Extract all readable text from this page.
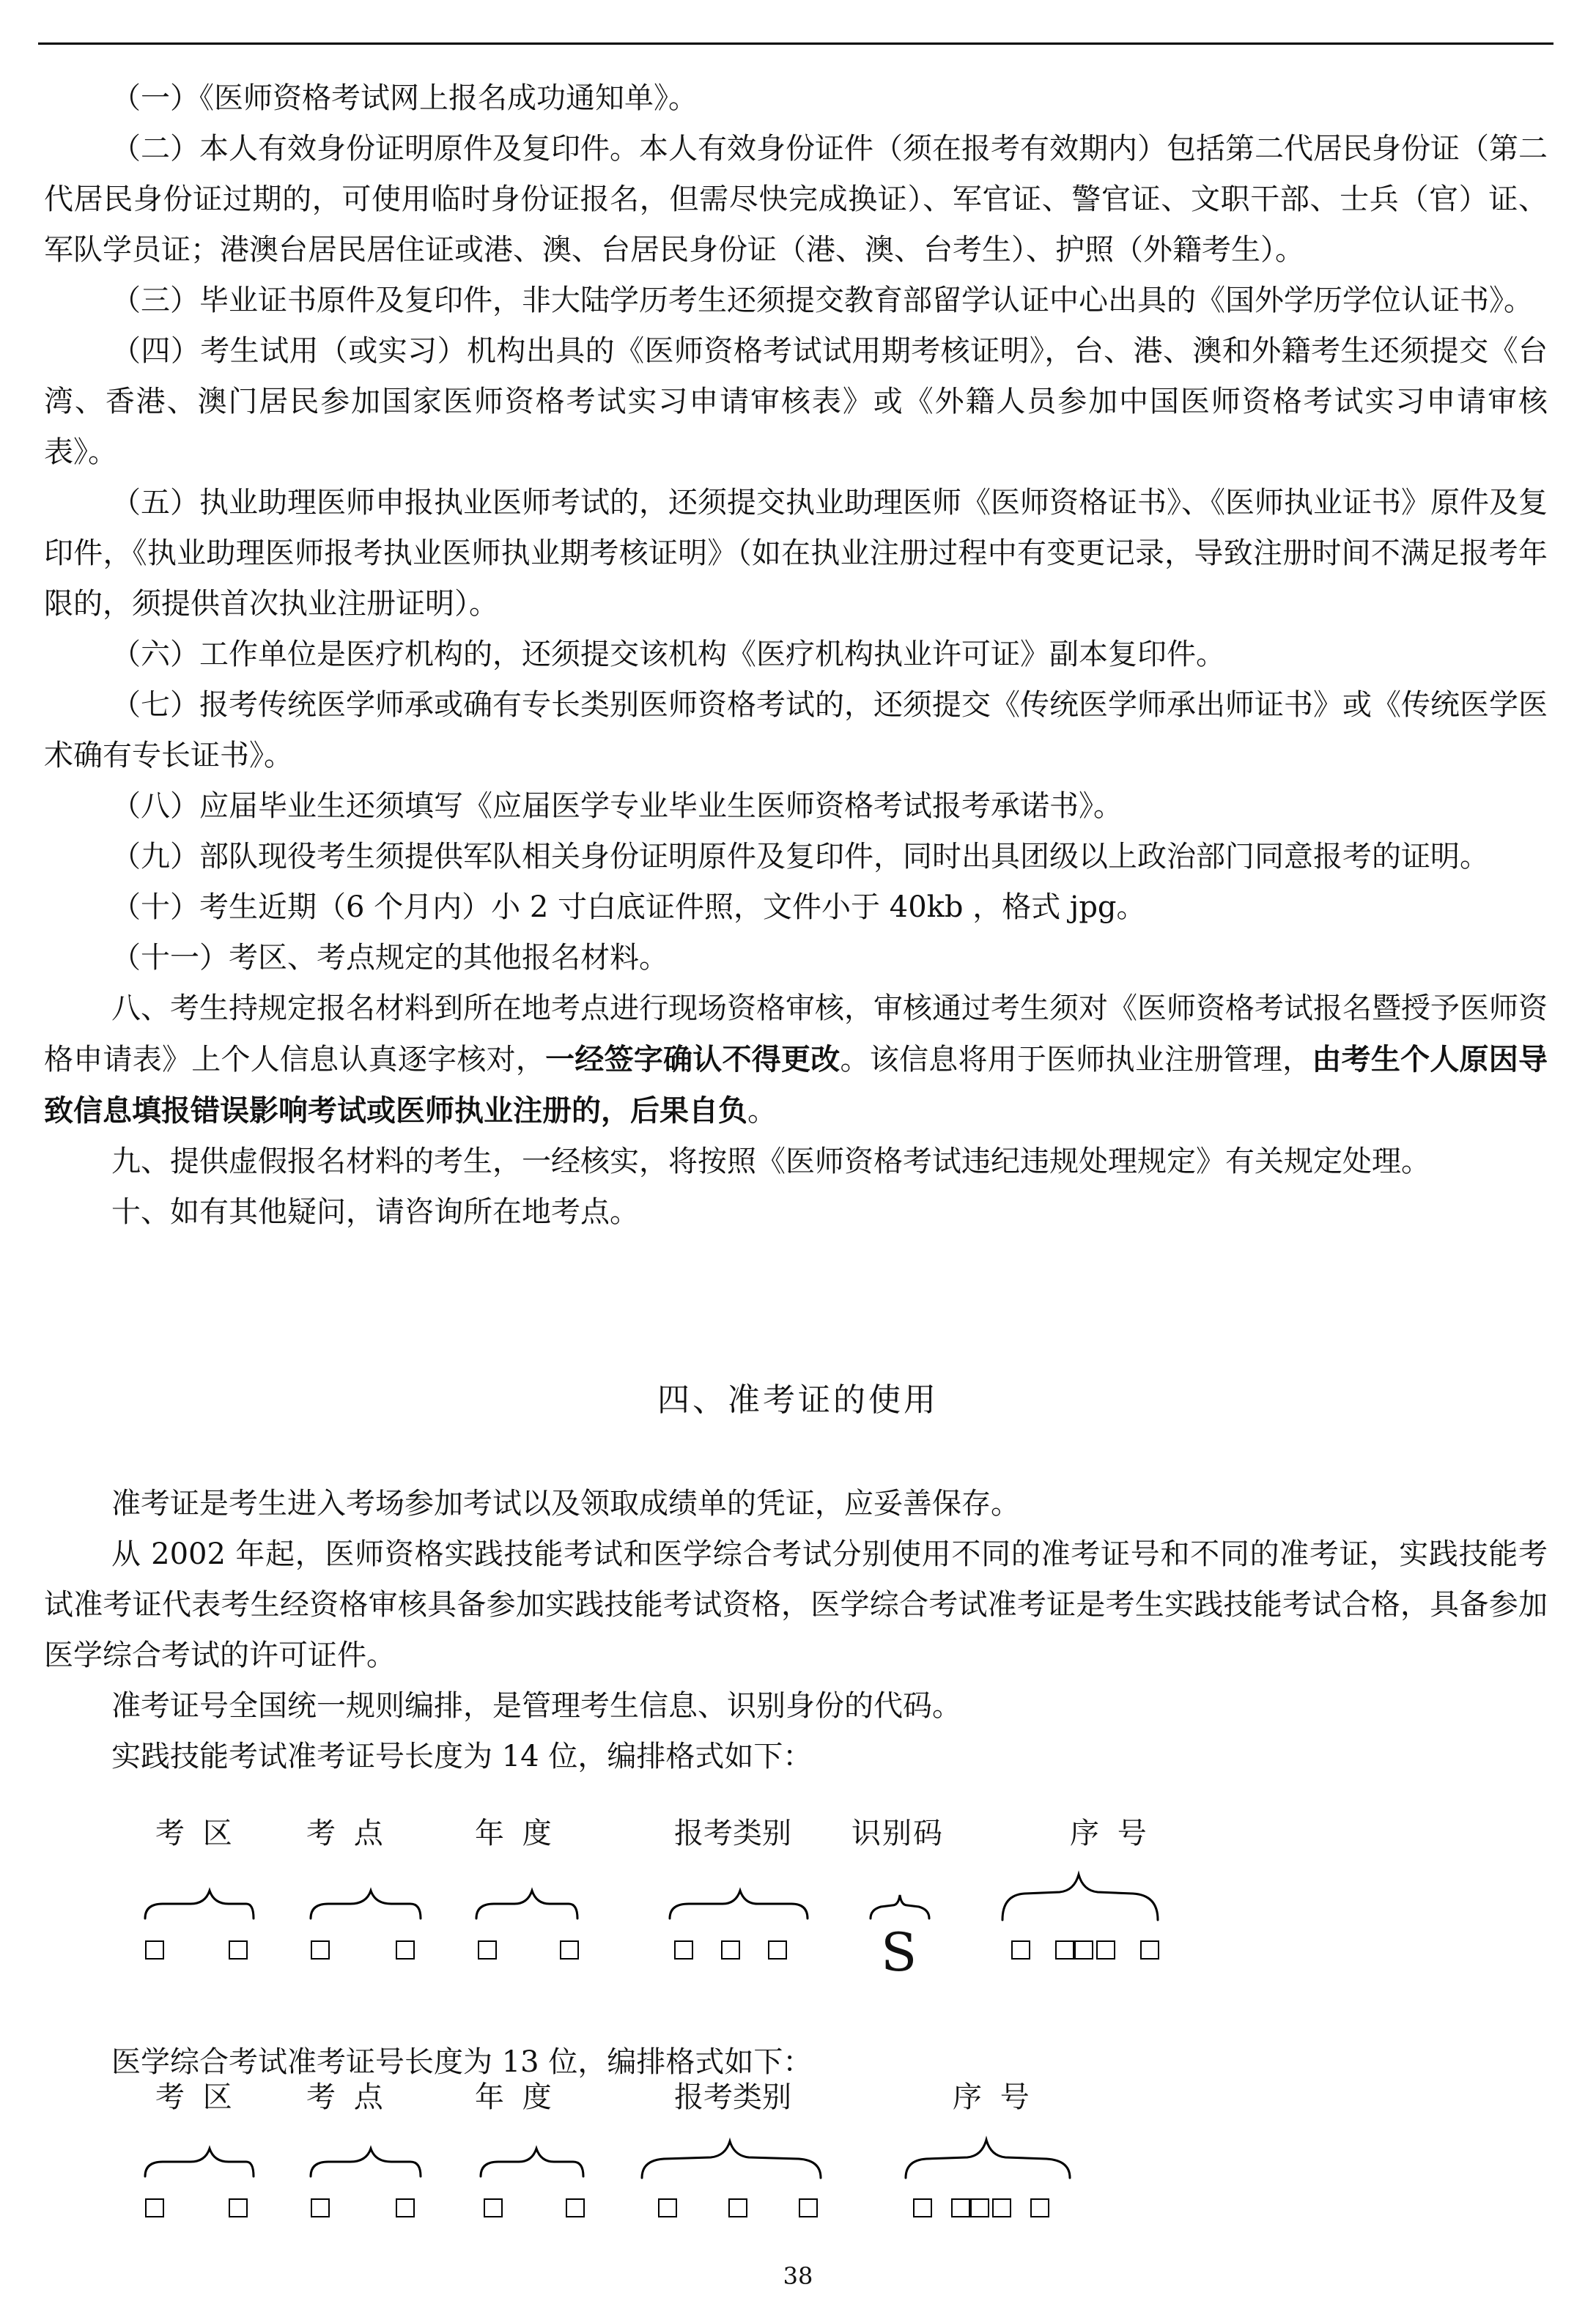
（一）《医师资格考试网上报名成功通知单》。

（二）本人有效身份证明原件及复印件。本人有效身份证件（须在报考有效期内）包括第二代居民身份证（第二代居民身份证过期的，可使用临时身份证报名，但需尽快完成换证）、军官证、警官证、文职干部、士兵（官）证、军队学员证；港澳台居民居住证或港、澳、台居民身份证（港、澳、台考生）、护照（外籍考生）。

（三）毕业证书原件及复印件，非大陆学历考生还须提交教育部留学认证中心出具的《国外学历学位认证书》。

（四）考生试用（或实习）机构出具的《医师资格考试试用期考核证明》，台、港、澳和外籍考生还须提交《台湾、香港、澳门居民参加国家医师资格考试实习申请审核表》或《外籍人员参加中国医师资格考试实习申请审核表》。

（五）执业助理医师申报执业医师考试的，还须提交执业助理医师《医师资格证书》、《医师执业证书》原件及复印件，《执业助理医师报考执业医师执业期考核证明》（如在执业注册过程中有变更记录，导致注册时间不满足报考年限的，须提供首次执业注册证明）。

（六）工作单位是医疗机构的，还须提交该机构《医疗机构执业许可证》副本复印件。

（七）报考传统医学师承或确有专长类别医师资格考试的，还须提交《传统医学师承出师证书》或《传统医学医术确有专长证书》。

（八）应届毕业生还须填写《应届医学专业毕业生医师资格考试报考承诺书》。

（九）部队现役考生须提供军队相关身份证明原件及复印件，同时出具团级以上政治部门同意报考的证明。

（十）考生近期（6 个月内）小 2 寸白底证件照，文件小于 40kb ，格式 jpg。

（十一）考区、考点规定的其他报名材料。

八、考生持规定报名材料到所在地考点进行现场资格审核，审核通过考生须对《医师资格考试报名暨授予医师资格申请表》上个人信息认真逐字核对，一经签字确认不得更改。该信息将用于医师执业注册管理，由考生个人原因导致信息填报错误影响考试或医师执业注册的，后果自负。

九、提供虚假报名材料的考生，一经核实，将按照《医师资格考试违纪违规处理规定》有关规定处理。

十、如有其他疑问，请咨询所在地考点。

四、准考证的使用

准考证是考生进入考场参加考试以及领取成绩单的凭证，应妥善保存。

从 2002 年起，医师资格实践技能考试和医学综合考试分别使用不同的准考证号和不同的准考证，实践技能考试准考证代表考生经资格审核具备参加实践技能考试资格，医学综合考试准考证是考生实践技能考试合格，具备参加医学综合考试的许可证件。

准考证号全国统一规则编排，是管理考生信息、识别身份的代码。

实践技能考试准考证号长度为 14 位，编排格式如下：

考 区 考 点	年 度	报考类别 识别码	序 号
S

医学综合考试准考证号长度为 13 位，编排格式如下：

考 区 考 点	年 度	报考类别	序 号
38
